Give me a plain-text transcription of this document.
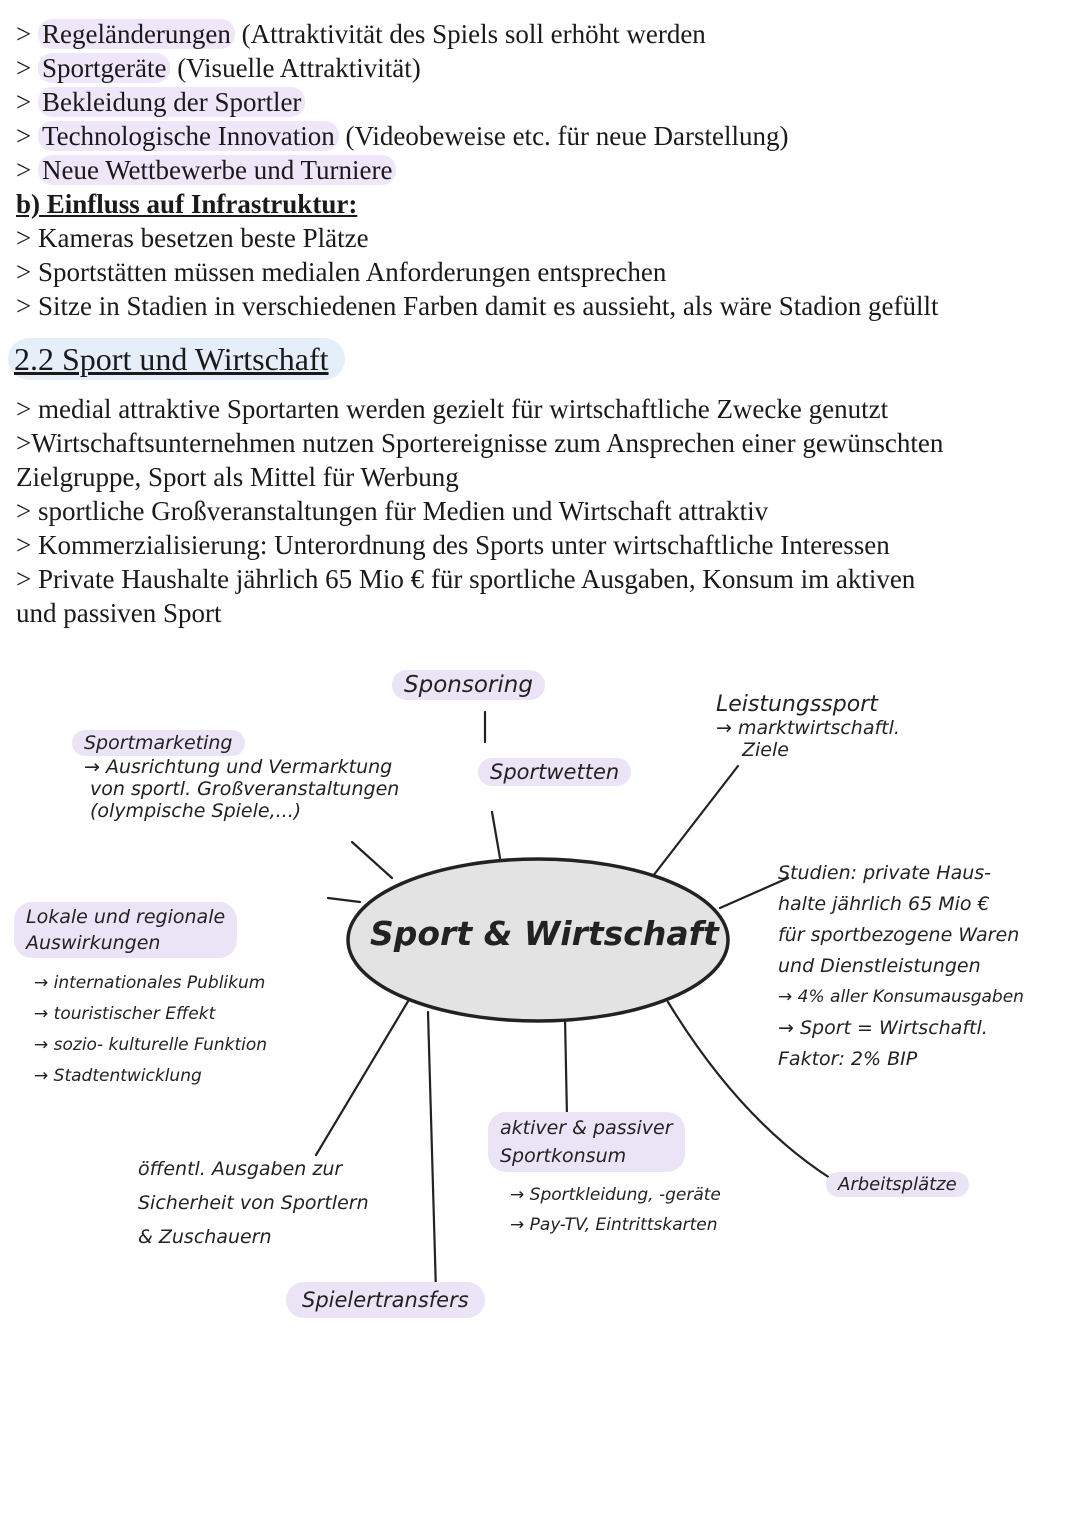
> Regeländerungen (Attraktivität des Spiels soll erhöht werden
> Sportgeräte (Visuelle Attraktivität)
> Bekleidung der Sportler
> Technologische Innovation (Videobeweise etc. für neue Darstellung)
> Neue Wettbewerbe und Turniere
b) Einfluss auf Infrastruktur:
> Kameras besetzen beste Plätze
> Sportstätten müssen medialen Anforderungen entsprechen
> Sitze in Stadien in verschiedenen Farben damit es aussieht, als wäre Stadion gefüllt
2.2 Sport und Wirtschaft
> medial attraktive Sportarten werden gezielt für wirtschaftliche Zwecke genutzt
>Wirtschaftsunternehmen nutzen Sportereignisse zum Ansprechen einer gewünschten
Zielgruppe, Sport als Mittel für Werbung
> sportliche Großveranstaltungen für Medien und Wirtschaft attraktiv
> Kommerzialisierung: Unterordnung des Sports unter wirtschaftliche Interessen
> Private Haushalte jährlich 65 Mio € für sportliche Ausgaben, Konsum im aktiven
und passiven Sport
Sport & Wirtschaft
Sponsoring
Sportmarketing
→ Ausrichtung und Vermarktung
von sportl. Großveranstaltungen
(olympische Spiele,...)
Sportwetten
Leistungssport
→ marktwirtschaftl.
Ziele
Lokale und regionale
Auswirkungen
→ internationales Publikum
→ touristischer Effekt
→ sozio- kulturelle Funktion
→ Stadtentwicklung
Studien: private Haus-
halte jährlich 65 Mio €
für sportbezogene Waren
und Dienstleistungen
→ 4% aller Konsumausgaben
→ Sport = Wirtschaftl.
Faktor: 2% BIP
öffentl. Ausgaben zur
Sicherheit von Sportlern
& Zuschauern
aktiver & passiver
Sportkonsum
→ Sportkleidung, -geräte
→ Pay-TV, Eintrittskarten
Arbeitsplätze
Spielertransfers
